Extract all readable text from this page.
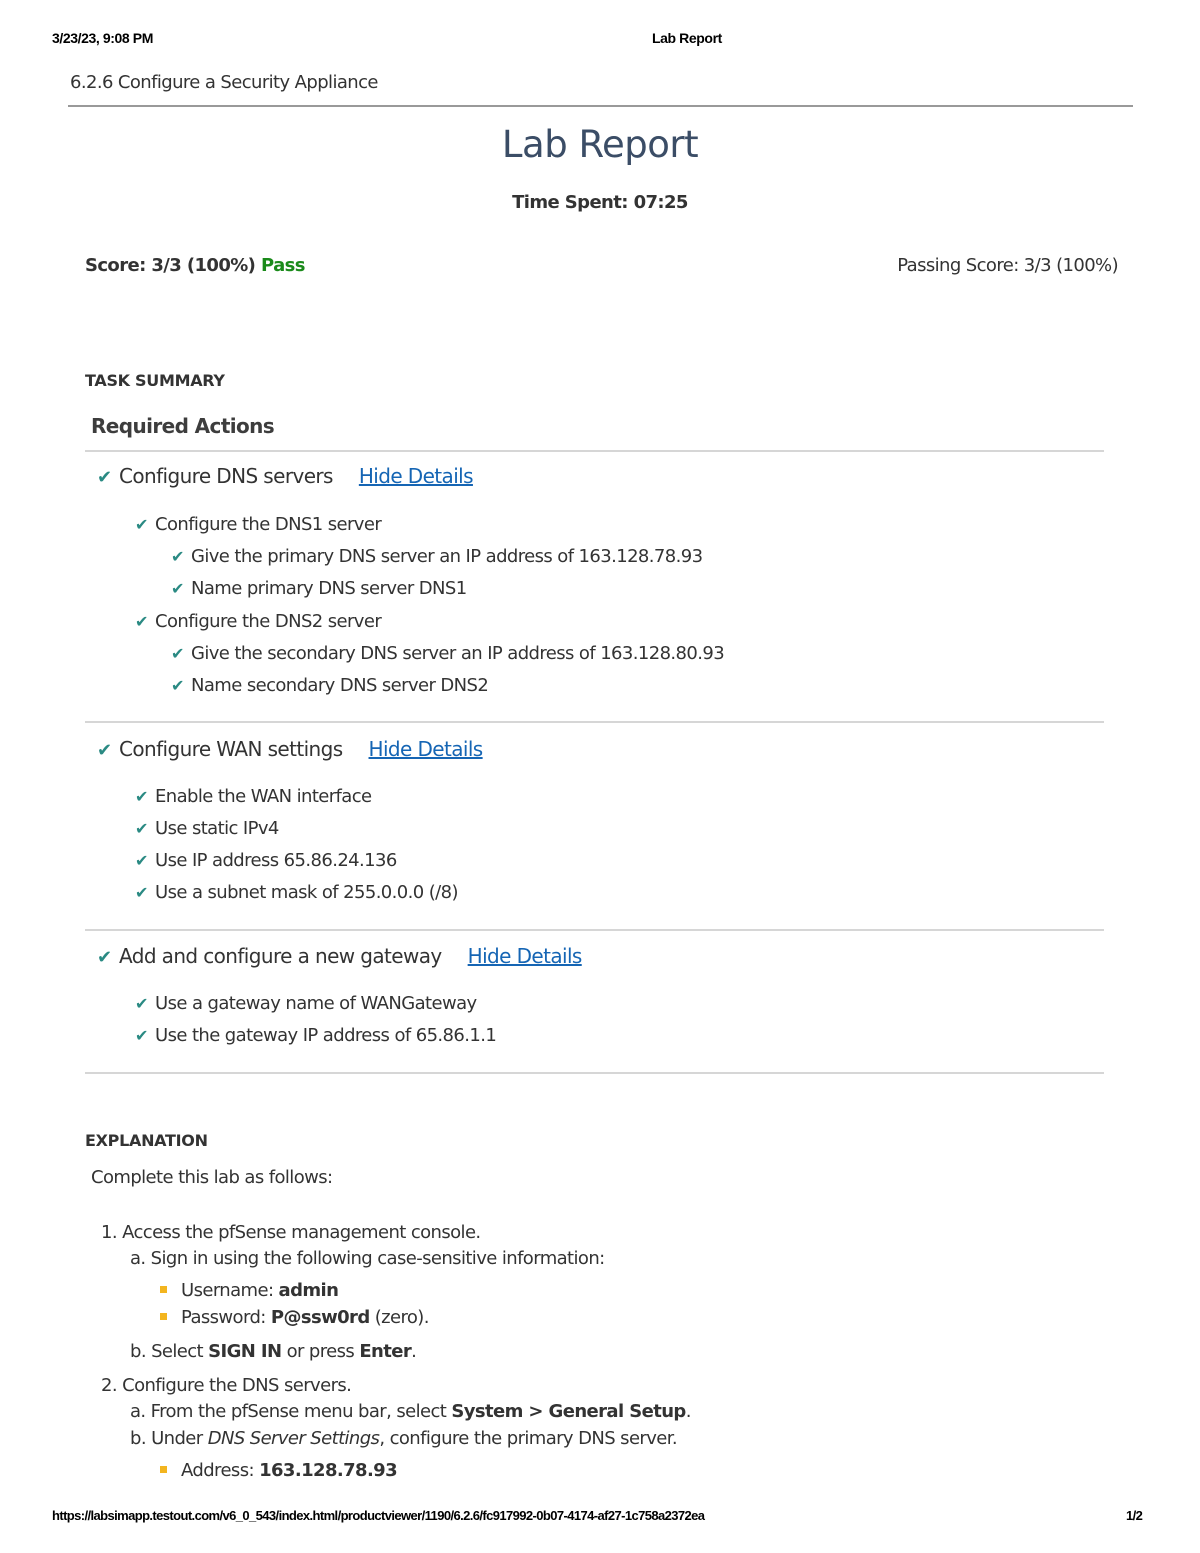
3/23/23, 9:08 PM	Lab Report
6.2.6 Configure a Security Appliance
Lab Report
Time Spent: 07:25
Score: 3/3 (100%) Pass	Passing Score: 3/3 (100%)
TASK SUMMARY
Required Actions
✔ Configure DNS servers Hide Details
✔ Configure the DNS1 server
✔ Give the primary DNS server an IP address of 163.128.78.93
✔ Name primary DNS server DNS1
✔ Configure the DNS2 server
✔ Give the secondary DNS server an IP address of 163.128.80.93
✔ Name secondary DNS server DNS2
✔ Configure WAN settings Hide Details
✔ Enable the WAN interface
✔ Use static IPv4
✔ Use IP address 65.86.24.136
✔ Use a subnet mask of 255.0.0.0 (/8)
✔ Add and configure a new gateway Hide Details
✔ Use a gateway name of WANGateway
✔ Use the gateway IP address of 65.86.1.1
EXPLANATION
Complete this lab as follows:
1. Access the pfSense management console.
a. Sign in using the following case-sensitive information:
Username: admin
Password: P@ssw0rd (zero).
b. Select SIGN IN or press Enter.
2. Configure the DNS servers.
a. From the pfSense menu bar, select System > General Setup.
b. Under DNS Server Settings, configure the primary DNS server.
Address: 163.128.78.93
https://labsimapp.testout.com/v6_0_543/index.html/productviewer/1190/6.2.6/fc917992-0b07-4174-af27-1c758a2372ea	1/2
